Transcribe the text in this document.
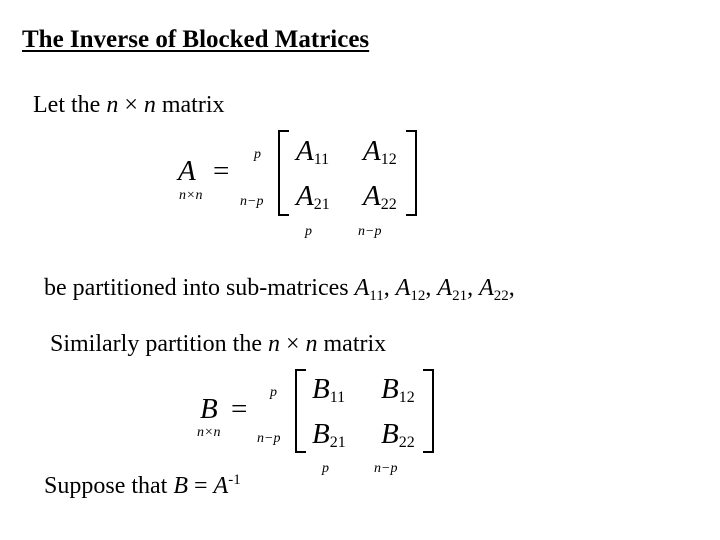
The Inverse of Blocked Matrices
Let the n × n matrix
A
n×n
=
p
n−p
A11 A12
A21 A22
p	n−p
B
n×n
=
p
n−p
B11 B12
B21 B22
p	n−p
be partitioned into sub-matrices $A_{11}$, $A_{12}$, $A_{21}$, $A_{22}$,
Similarly partition the n × n matrix
Suppose that $B = A^{-1}$
